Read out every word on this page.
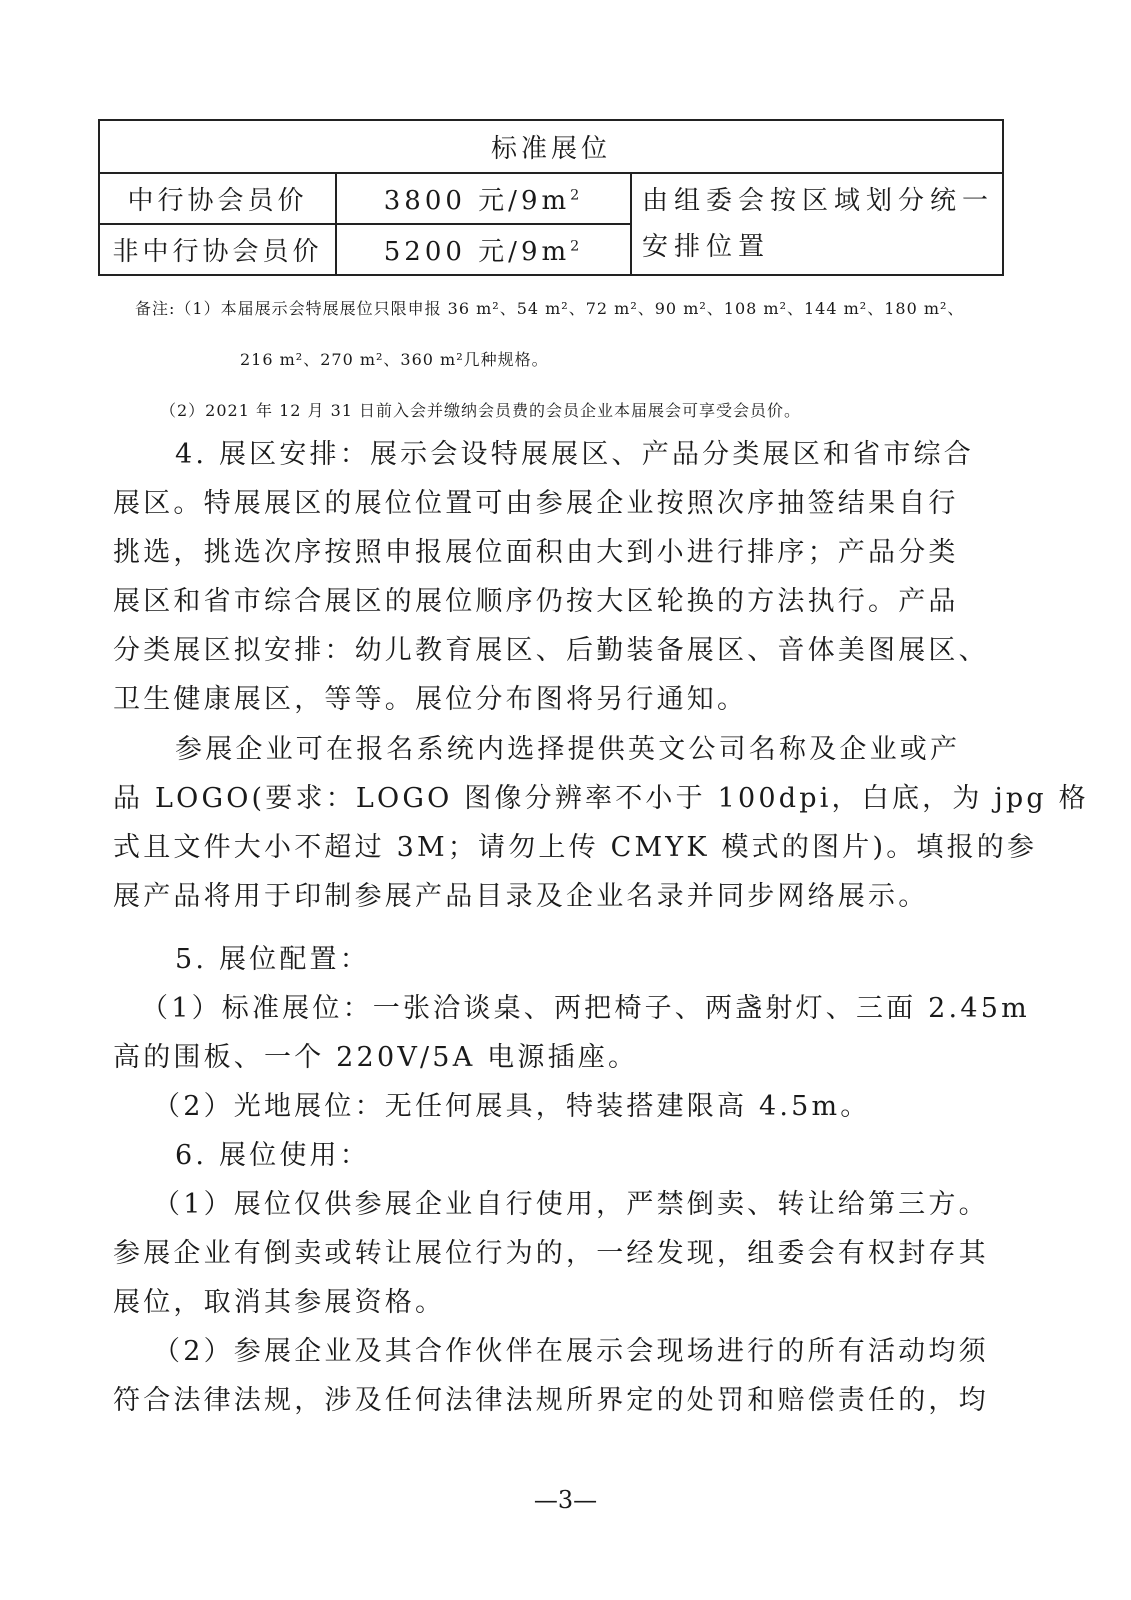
标准展位		
中行协会员价	3800 元$/9m^2$	由组委会按区域划分统一
安排位置

非中行协会员价	5200 元$/9m^2$
备注:（1）本届展示会特展展位只限申报 36 m²、54 m²、72 m²、90 m²、108 m²、144 m²、180 m²、
216 m²、270 m²、360 m²几种规格。
（2）2021 年 12 月 31 日前入会并缴纳会员费的会员企业本届展会可享受会员价。
4. 展区安排：展示会设特展展区、产品分类展区和省市综合
展区。特展展区的展位位置可由参展企业按照次序抽签结果自行
挑选，挑选次序按照申报展位面积由大到小进行排序；产品分类
展区和省市综合展区的展位顺序仍按大区轮换的方法执行。产品
分类展区拟安排：幼儿教育展区、后勤装备展区、音体美图展区、
卫生健康展区，等等。展位分布图将另行通知。
参展企业可在报名系统内选择提供英文公司名称及企业或产
品 LOGO(要求：LOGO 图像分辨率不小于 100dpi，白底，为 jpg 格
式且文件大小不超过 3M；请勿上传 CMYK 模式的图片)。填报的参
展产品将用于印制参展产品目录及企业名录并同步网络展示。
5. 展位配置：
（1）标准展位：一张洽谈桌、两把椅子、两盏射灯、三面 2.45m
高的围板、一个 220V/5A 电源插座。
（2）光地展位：无任何展具，特装搭建限高 4.5m。
6. 展位使用：
（1）展位仅供参展企业自行使用，严禁倒卖、转让给第三方。
参展企业有倒卖或转让展位行为的，一经发现，组委会有权封存其
展位，取消其参展资格。
（2）参展企业及其合作伙伴在展示会现场进行的所有活动均须
符合法律法规，涉及任何法律法规所界定的处罚和赔偿责任的，均
—3—
